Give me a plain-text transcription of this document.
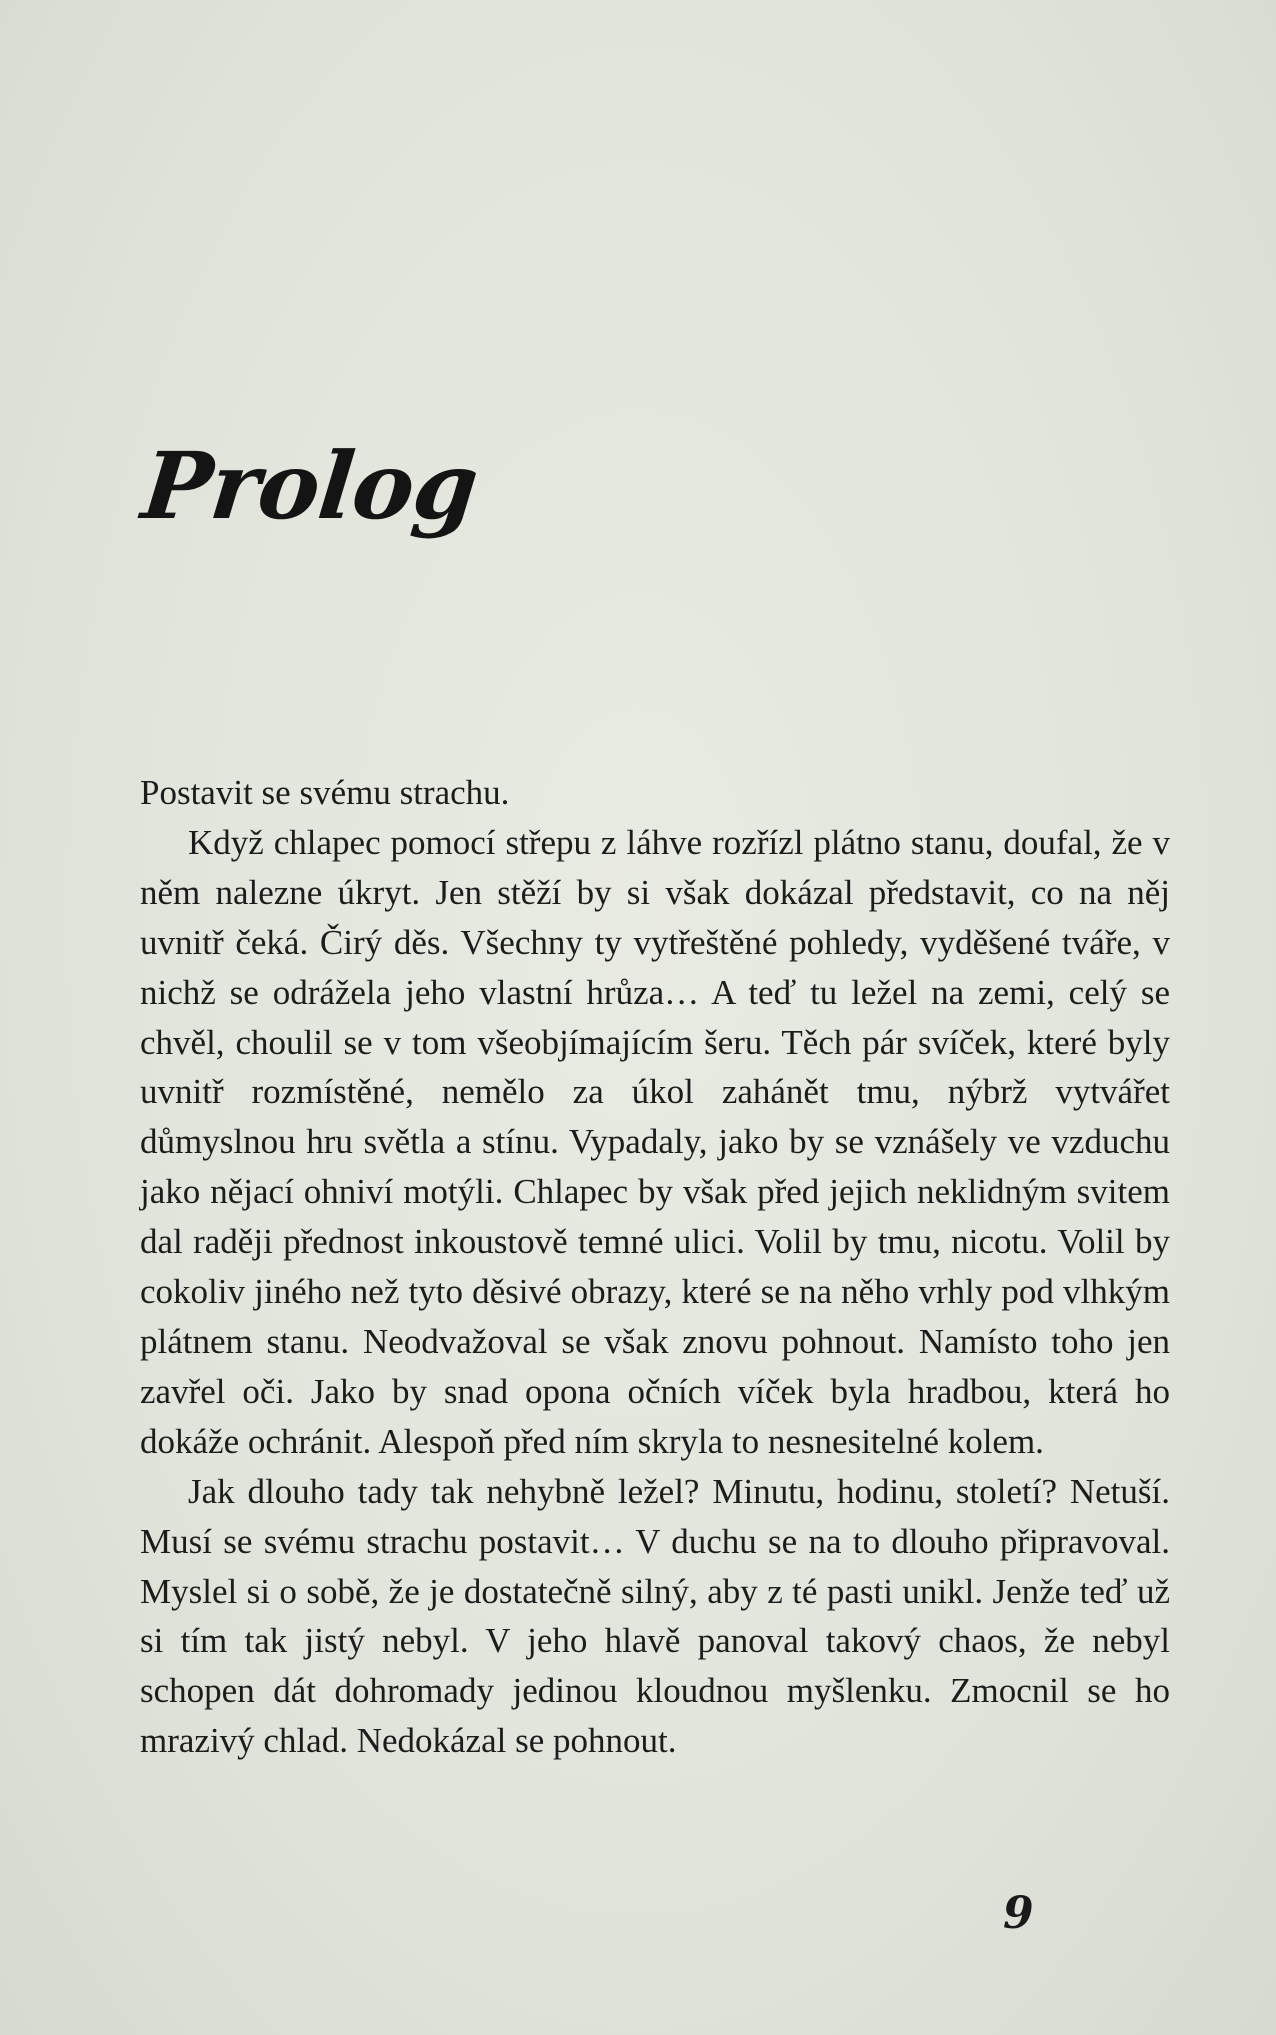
Prolog

Postavit se svému strachu.

Když chlapec pomocí střepu z láhve rozřízl plátno stanu, doufal, že v něm nalezne úkryt. Jen stěží by si však dokázal představit, co na něj uvnitř čeká. Čirý děs. Všechny ty vytřeštěné pohledy, vyděšené tváře, v nichž se odrážela jeho vlastní hrůza… A teď tu ležel na zemi, celý se chvěl, choulil se v tom všeobjímajícím šeru. Těch pár svíček, které byly uvnitř rozmístěné, nemělo za úkol zahánět tmu, nýbrž vytvářet důmyslnou hru světla a stínu. Vypadaly, jako by se vznášely ve vzduchu jako nějací ohniví motýli. Chlapec by však před jejich neklidným svitem dal raději přednost inkoustově temné ulici. Volil by tmu, nicotu. Volil by cokoliv jiného než tyto děsivé obrazy, které se na něho vrhly pod vlhkým plátnem stanu. Neodvažoval se však znovu pohnout. Namísto toho jen zavřel oči. Jako by snad opona očních víček byla hradbou, která ho dokáže ochránit. Alespoň před ním skryla to nesnesitelné kolem.

Jak dlouho tady tak nehybně ležel? Minutu, hodinu, století? Netuší. Musí se svému strachu postavit… V duchu se na to dlouho připravoval. Myslel si o sobě, že je dostatečně silný, aby z té pasti unikl. Jenže teď už si tím tak jistý nebyl. V jeho hlavě panoval takový chaos, že nebyl schopen dát dohromady jedinou kloudnou myšlenku. Zmocnil se ho mrazivý chlad. Nedokázal se pohnout.

9
